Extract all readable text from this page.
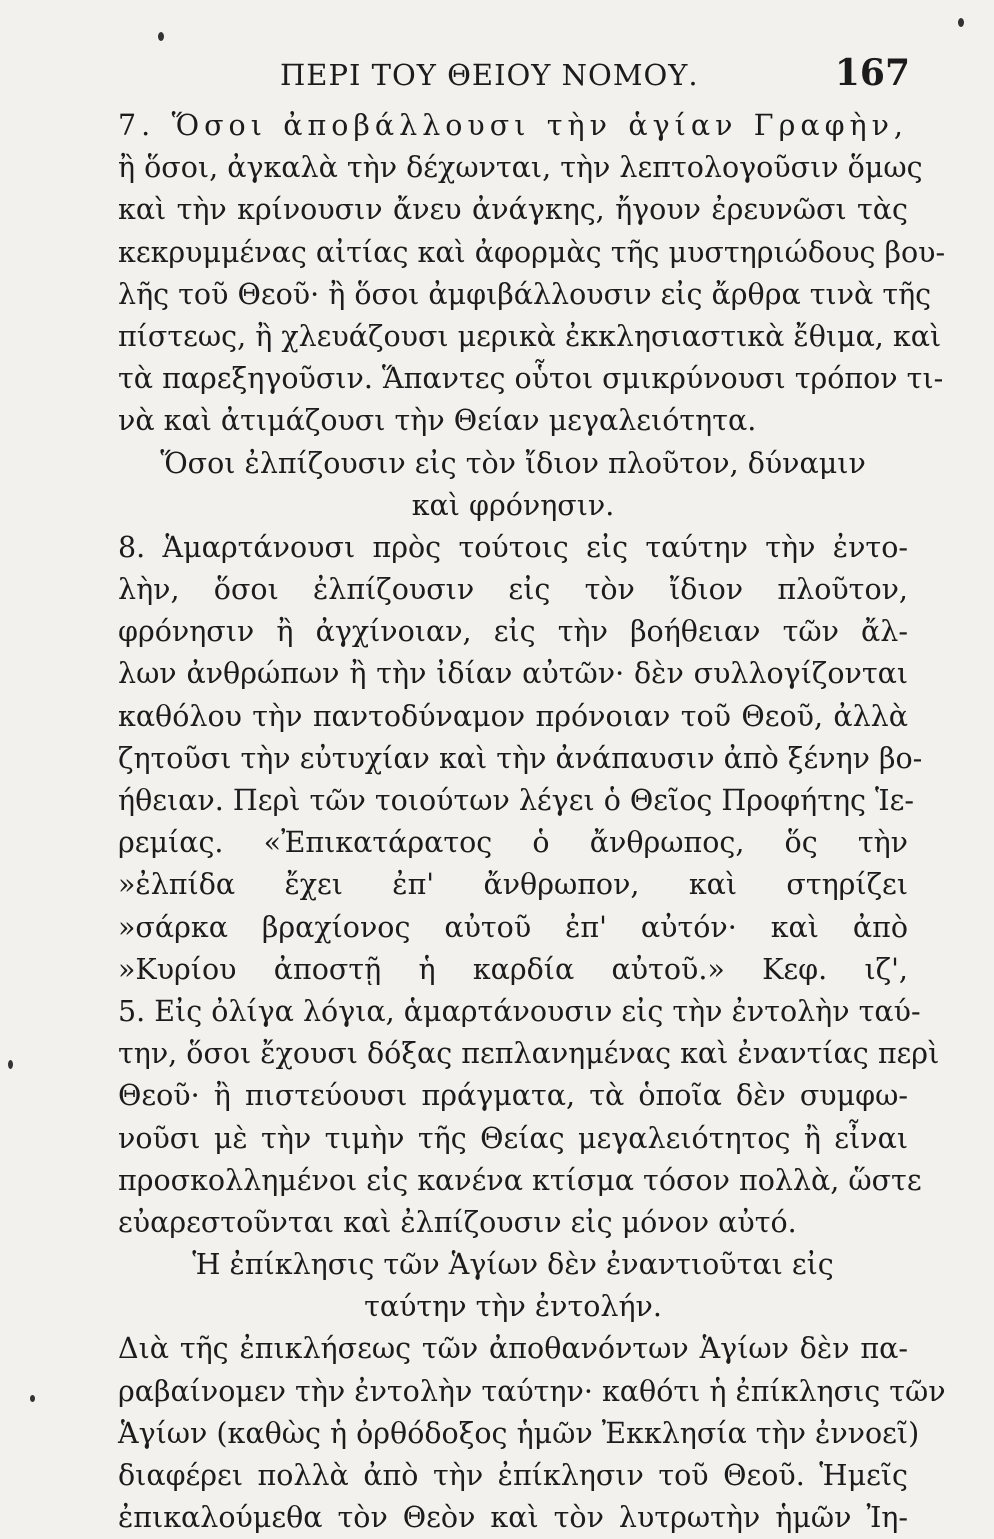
ΠΕΡΙ ΤΟΥ ΘΕΙΟΥ ΝΟΜΟΥ.	167
7. Ὅσοι ἀποβάλλουσι τὴν ἁγίαν Γραφὴν,
ἢ ὅσοι, ἀγκαλὰ τὴν δέχωνται, τὴν λεπτολογοῦσιν ὅμως
καὶ τὴν κρίνουσιν ἄνευ ἀνάγκης, ἤγουν ἐρευνῶσι τὰς
κεκρυμμένας αἰτίας καὶ ἀφορμὰς τῆς μυστηριώδους βου-
λῆς τοῦ Θεοῦ· ἢ ὅσοι ἀμφιβάλλουσιν εἰς ἄρθρα τινὰ τῆς
πίστεως, ἢ χλευάζουσι μερικὰ ἐκκλησιαστικὰ ἔθιμα, καὶ
τὰ παρεξηγοῦσιν. Ἅπαντες οὗτοι σμικρύνουσι τρόπον τι-
νὰ καὶ ἀτιμάζουσι τὴν Θείαν μεγαλειότητα.
Ὅσοι ἐλπίζουσιν εἰς τὸν ἴδιον πλοῦτον, δύναμιν
καὶ φρόνησιν.
8. Ἁμαρτάνουσι πρὸς τούτοις εἰς ταύτην τὴν ἐντο-
λὴν, ὅσοι ἐλπίζουσιν εἰς τὸν ἴδιον πλοῦτον,
φρόνησιν ἢ ἀγχίνοιαν, εἰς τὴν βοήθειαν τῶν ἄλ-
λων ἀνθρώπων ἢ τὴν ἰδίαν αὐτῶν· δὲν συλλογίζονται
καθόλου τὴν παντοδύναμον πρόνοιαν τοῦ Θεοῦ, ἀλλὰ
ζητοῦσι τὴν εὐτυχίαν καὶ τὴν ἀνάπαυσιν ἀπὸ ξένην βο-
ήθειαν. Περὶ τῶν τοιούτων λέγει ὁ Θεῖος Προφήτης Ἱε-
ρεμίας. «Ἐπικατάρατος ὁ ἄνθρωπος, ὅς τὴν
»ἐλπίδα ἔχει ἐπ' ἄνθρωπον, καὶ στηρίζει
»σάρκα βραχίονος αὐτοῦ ἐπ' αὐτόν· καὶ ἀπὸ
»Κυρίου ἀποστῇ ἡ καρδία αὐτοῦ.» Κεφ. ιζ',
5. Εἰς ὀλίγα λόγια, ἁμαρτάνουσιν εἰς τὴν ἐντολὴν ταύ-
την, ὅσοι ἔχουσι δόξας πεπλανημένας καὶ ἐναντίας περὶ
Θεοῦ· ἢ πιστεύουσι πράγματα, τὰ ὁποῖα δὲν συμφω-
νοῦσι μὲ τὴν τιμὴν τῆς Θείας μεγαλειότητος ἢ εἶναι
προσκολλημένοι εἰς κανένα κτίσμα τόσον πολλὰ, ὥστε
εὐαρεστοῦνται καὶ ἐλπίζουσιν εἰς μόνον αὐτό.
Ἡ ἐπίκλησις τῶν Ἁγίων δὲν ἐναντιοῦται εἰς
ταύτην τὴν ἐντολήν.
Διὰ τῆς ἐπικλήσεως τῶν ἀποθανόντων Ἁγίων δὲν πα-
ραβαίνομεν τὴν ἐντολὴν ταύτην· καθότι ἡ ἐπίκλησις τῶν
Ἁγίων (καθὼς ἡ ὀρθόδοξος ἡμῶν Ἐκκλησία τὴν ἐννοεῖ)
διαφέρει πολλὰ ἀπὸ τὴν ἐπίκλησιν τοῦ Θεοῦ. Ἡμεῖς
ἐπικαλούμεθα τὸν Θεὸν καὶ τὸν λυτρωτὴν ἡμῶν Ἰη-
